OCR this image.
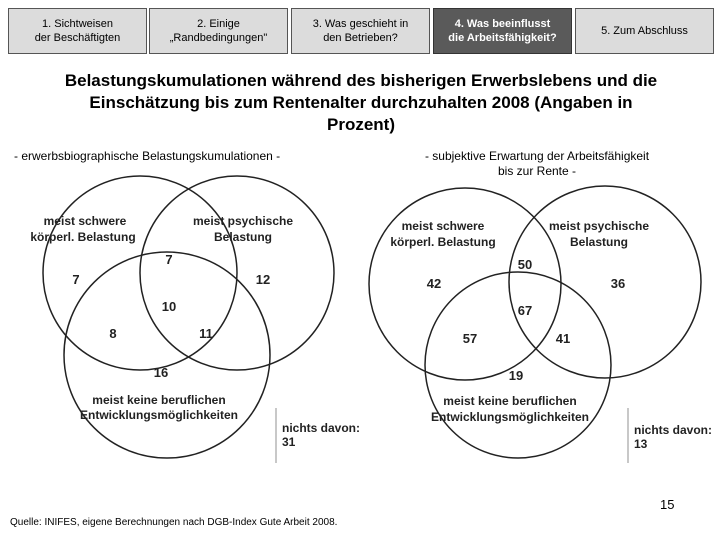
1. Sichtweisen
der Beschäftigten
2. Einige
„Randbedingungen"
3. Was geschieht in
den Betrieben?
4. Was beeinflusst
die Arbeitsfähigkeit?
5. Zum Abschluss
Belastungskumulationen während des bisherigen Erwerbslebens und die
Einschätzung bis zum Rentenalter durchzuhalten 2008 (Angaben in
Prozent)
- erwerbsbiographische Belastungskumulationen -	- subjektive Erwartung der Arbeitsfähigkeit
bis zur Rente -
meist schwere
körperl. Belastung
meist psychische
Belastung
meist keine beruflichen
Entwicklungsmöglichkeiten
7	12
7
10
8	11
16
meist schwere
körperl. Belastung
meist psychische
Belastung
meist keine beruflichen
Entwicklungsmöglichkeiten
42	36
50
67
57	41
19
nichts davon:
31
nichts davon:
13
15
Quelle: INIFES, eigene Berechnungen nach DGB-Index Gute Arbeit 2008.
